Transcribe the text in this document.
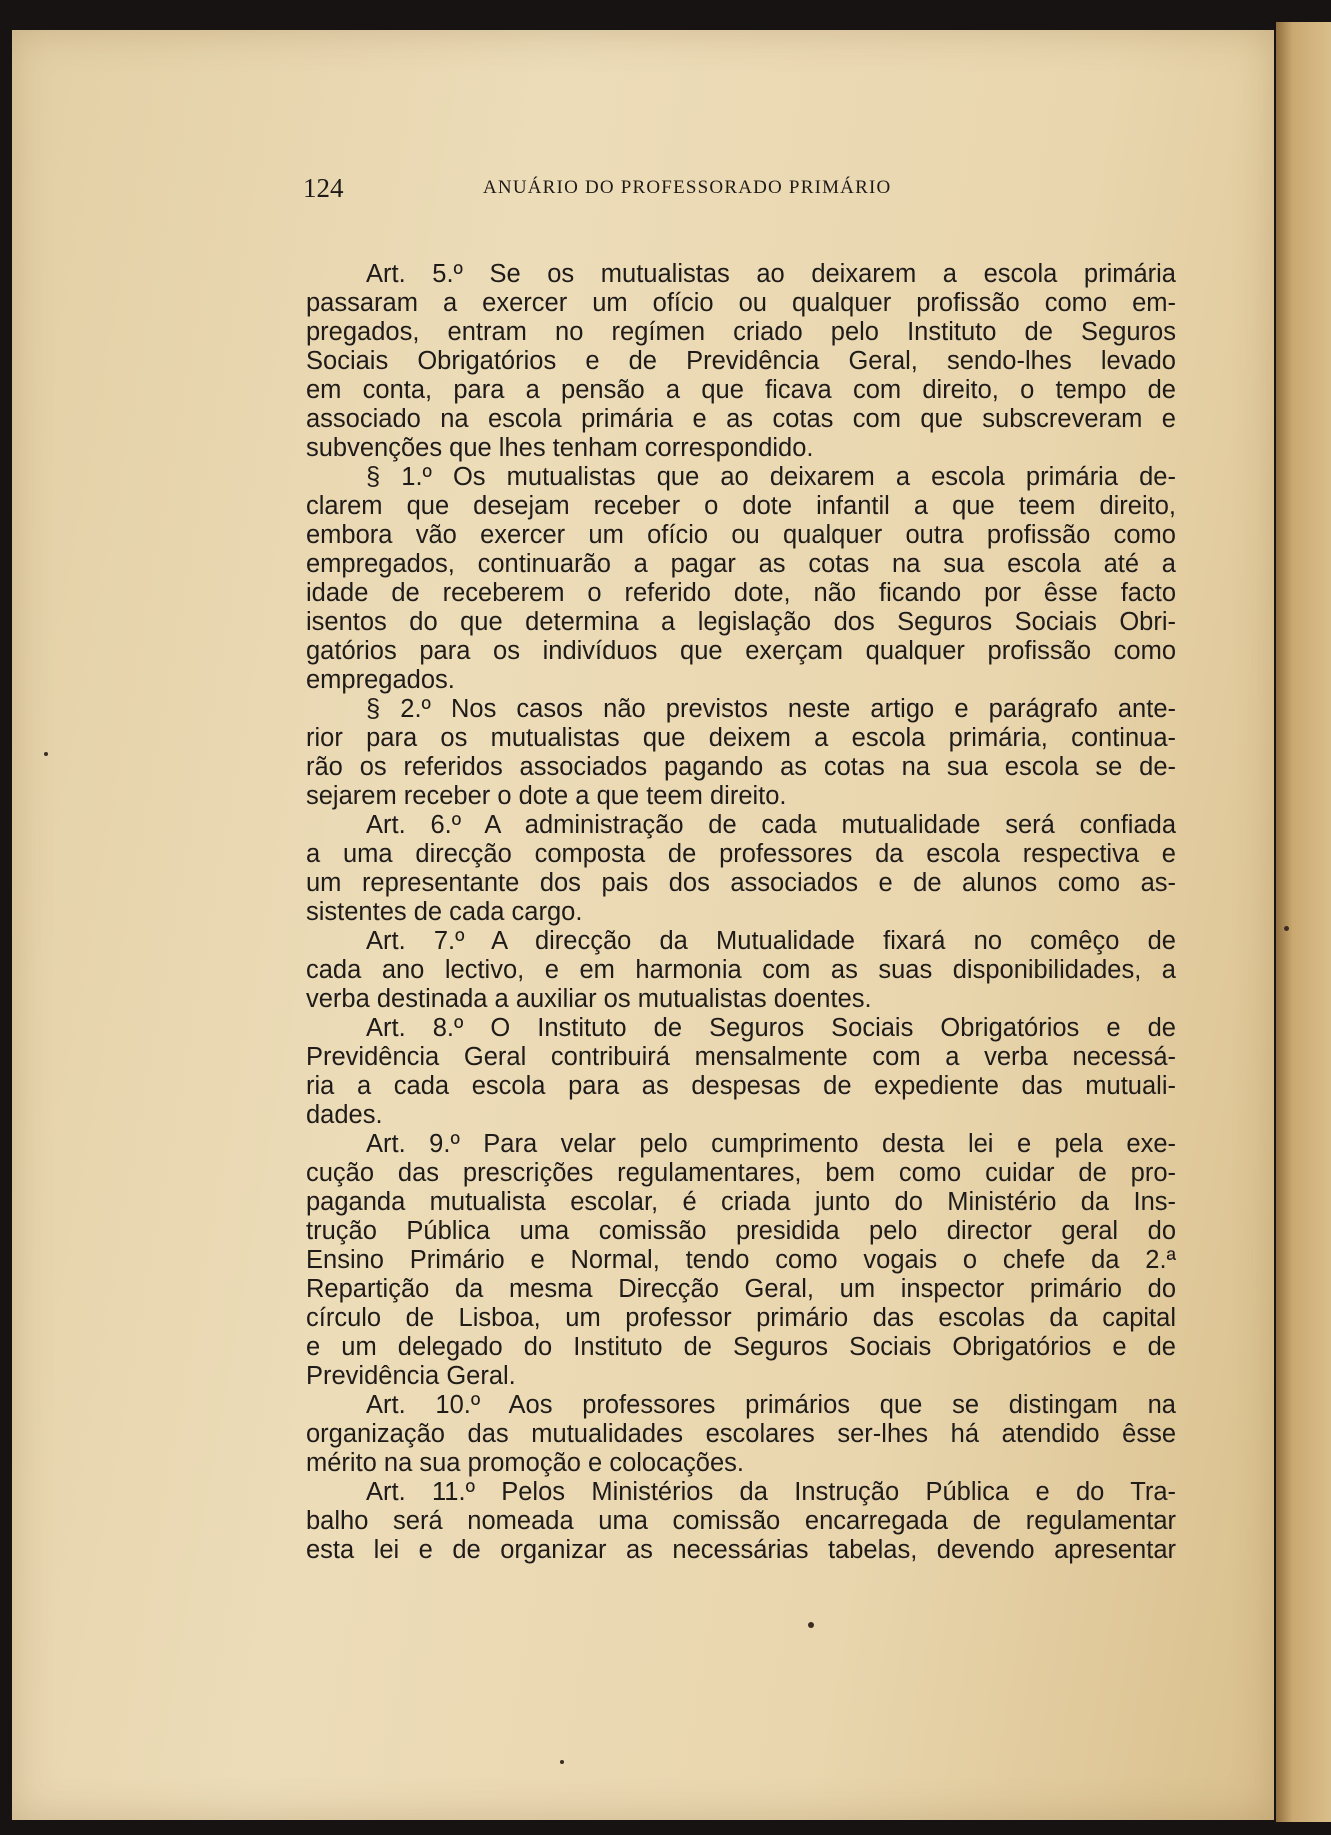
124	ANUÁRIO DO PROFESSORADO PRIMÁRIO
Art. 5.º Se os mutualistas ao deixarem a escola primária
passaram a exercer um ofício ou qualquer profissão como em-
pregados, entram no regímen criado pelo Instituto de Seguros
Sociais Obrigatórios e de Previdência Geral, sendo-lhes levado
em conta, para a pensão a que ficava com direito, o tempo de
associado na escola primária e as cotas com que subscreveram e
subvenções que lhes tenham correspondido.
§ 1.º Os mutualistas que ao deixarem a escola primária de-
clarem que desejam receber o dote infantil a que teem direito,
embora vão exercer um ofício ou qualquer outra profissão como
empregados, continuarão a pagar as cotas na sua escola até a
idade de receberem o referido dote, não ficando por êsse facto
isentos do que determina a legislação dos Seguros Sociais Obri-
gatórios para os indivíduos que exerçam qualquer profissão como
empregados.
§ 2.º Nos casos não previstos neste artigo e parágrafo ante-
rior para os mutualistas que deixem a escola primária, continua-
rão os referidos associados pagando as cotas na sua escola se de-
sejarem receber o dote a que teem direito.
Art. 6.º A administração de cada mutualidade será confiada
a uma direcção composta de professores da escola respectiva e
um representante dos pais dos associados e de alunos como as-
sistentes de cada cargo.
Art. 7.º A direcção da Mutualidade fixará no comêço de
cada ano lectivo, e em harmonia com as suas disponibilidades, a
verba destinada a auxiliar os mutualistas doentes.
Art. 8.º O Instituto de Seguros Sociais Obrigatórios e de
Previdência Geral contribuirá mensalmente com a verba necessá-
ria a cada escola para as despesas de expediente das mutuali-
dades.
Art. 9.º Para velar pelo cumprimento desta lei e pela exe-
cução das prescrições regulamentares, bem como cuidar de pro-
paganda mutualista escolar, é criada junto do Ministério da Ins-
trução Pública uma comissão presidida pelo director geral do
Ensino Primário e Normal, tendo como vogais o chefe da 2.ª
Repartição da mesma Direcção Geral, um inspector primário do
círculo de Lisboa, um professor primário das escolas da capital
e um delegado do Instituto de Seguros Sociais Obrigatórios e de
Previdência Geral.
Art. 10.º Aos professores primários que se distingam na
organização das mutualidades escolares ser-lhes há atendido êsse
mérito na sua promoção e colocações.
Art. 11.º Pelos Ministérios da Instrução Pública e do Tra-
balho será nomeada uma comissão encarregada de regulamentar
esta lei e de organizar as necessárias tabelas, devendo apresentar
